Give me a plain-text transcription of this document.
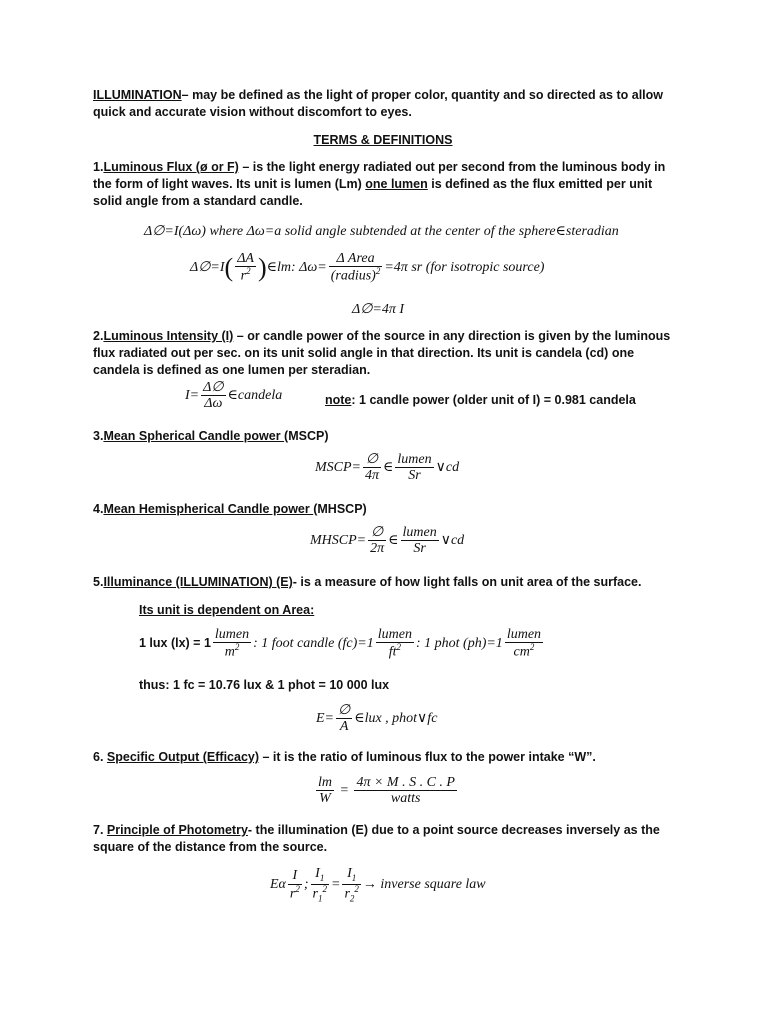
ILLUMINATION– may be defined as the light of proper color, quantity and so directed as to allow quick and accurate vision without discomfort to eyes.
TERMS & DEFINITIONS
1.Luminous Flux (ø or F) – is the light energy radiated out per second from the luminous body in the form of light waves. Its unit is lumen (Lm) one lumen is defined as the flux emitted per unit solid angle from a standard candle.
Δ∅=I(Δω) where Δω=a solid angle subtended at the center of the sphere∈steradian
Δ∅=I( $\frac{\Delta A}{r^2}$ )∈lm: $\Delta\omega= \frac{\text{Δ Area}}{(radius)^2} =4\pi$ sr (for isotropic source)
Δ∅=4π I
2.Luminous Intensity (I) – or candle power of the source in any direction is given by the luminous flux radiated out per sec. on its unit solid angle in that direction. Its unit is candela (cd) one candela is defined as one lumen per steradian.
$I= \frac{\Delta\emptyset}{\Delta\omega}$ ∈candela	note: 1 candle power (older unit of I) = 0.981 candela
3.Mean Spherical Candle power (MSCP)
MSCP= $\frac{\emptyset}{4\pi}$ ∈ $\frac{\text{lumen}}{Sr}$ ∨cd
4.Mean Hemispherical Candle power (MHSCP)
MHSCP= $\frac{\emptyset}{2\pi}$ ∈ $\frac{\text{lumen}}{Sr}$ ∨cd
5.Illuminance (ILLUMINATION) (E)- is a measure of how light falls on unit area of the surface.
Its unit is dependent on Area:
1 lux $(lx) = 1 \frac{\text{lumen}}{m^2}$ : 1 foot candle $(fc)=1 \frac{\text{lumen}}{ft^2}$ : 1 phot $(ph)=1 \frac{\text{lumen}}{cm^2}$
thus: 1 fc = 10.76 lux & 1 phot = 10 000 lux
$E= \frac{\emptyset}{A}$ ∈lux , phot∨fc
6. Specific Output (Efficacy) – it is the ratio of luminous flux to the power intake “W”.
$\frac{lm}{W} = \frac{4\pi \times M . S . C . P}{\text{watts}}$
7. Principle of Photometry- the illumination (E) due to a point source decreases inversely as the square of the distance from the source.
Eα $\frac{I}{r^2}$ ; $\frac{I_1}{r_1^2} = \frac{I_1}{r_2^2}$ → inverse square law
